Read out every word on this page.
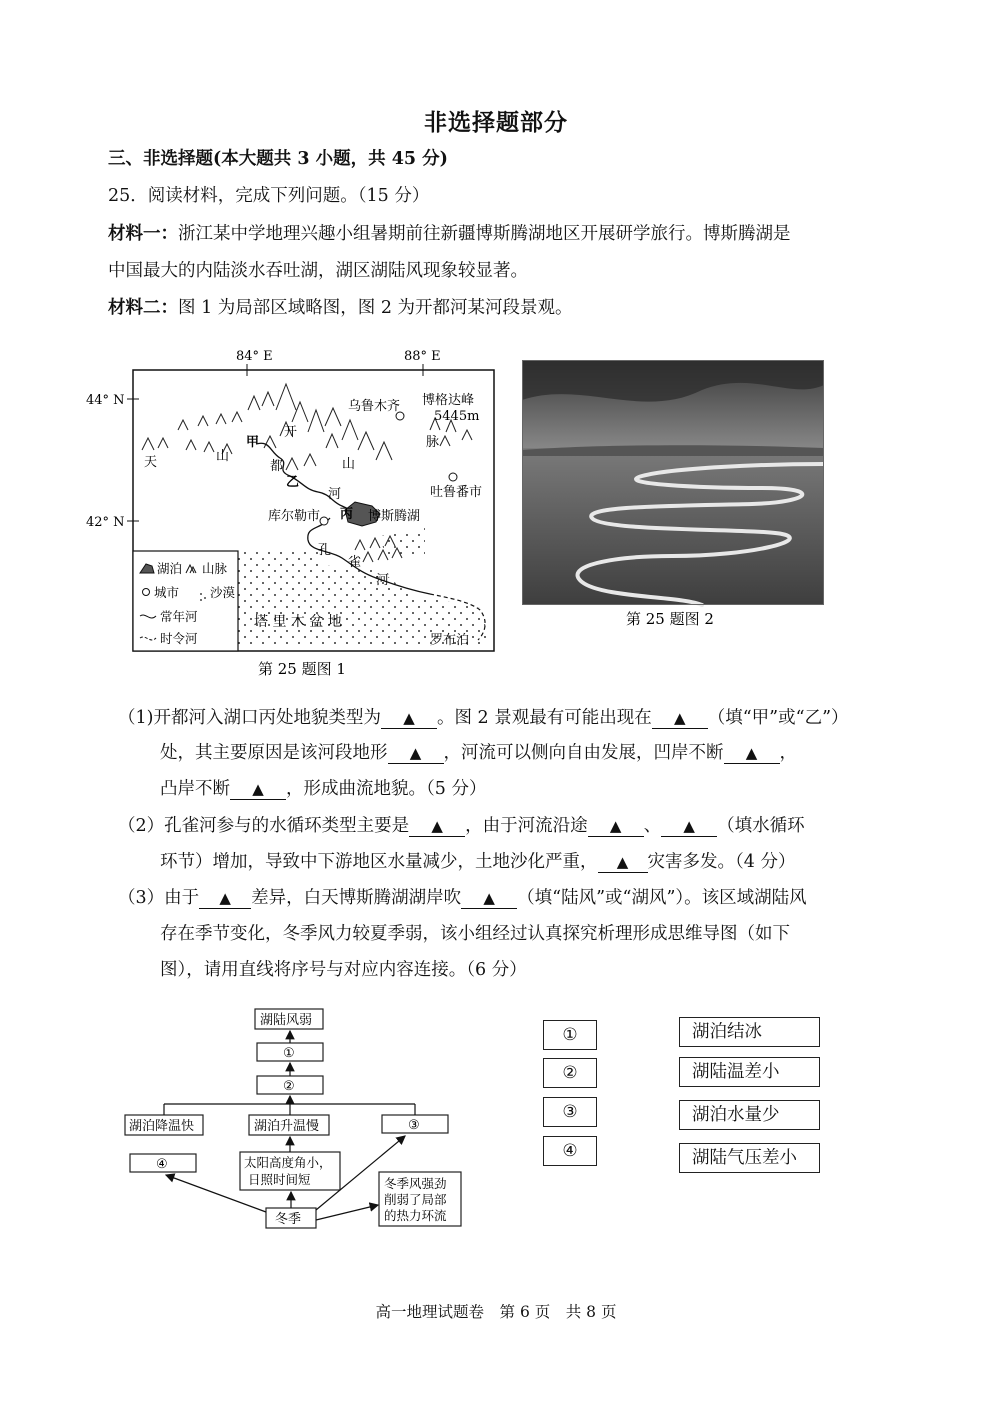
非选择题部分
三、非选择题(本大题共 3 小题，共 45 分)
25．阅读材料，完成下列问题。（15 分）
材料一：浙江某中学地理兴趣小组暑期前往新疆博斯腾湖地区开展研学旅行。博斯腾湖是
中国最大的内陆淡水吞吐湖，湖区湖陆风现象较显著。
材料二：图 1 为局部区域略图，图 2 为开都河某河段景观。
84° E	88° E
44° N
42° N
乌鲁木齐 博格达峰
5445m
脉
天	山
甲
开
都
乙
河
山
吐鲁番市
库尔勒市 丙 博斯腾湖
孔
雀
河
塔 里 木 盆 地
罗布泊
湖泊 山脉
城市 沙漠
常年河
时令河
第 25 题图 1
第 25 题图 2
（1)开都河入湖口丙处地貌类型为 ▲ 。图 2 景观最有可能出现在 ▲ （填“甲”或“乙”）
处，其主要原因是该河段地形 ▲ ，河流可以侧向自由发展，凹岸不断 ▲ ，
凸岸不断 ▲ ，形成曲流地貌。（5 分）
（2）孔雀河参与的水循环类型主要是 ▲ ，由于河流沿途 ▲ 、 ▲ （填水循环
环节）增加，导致中下游地区水量减少，土地沙化严重， ▲ 灾害多发。（4 分）
（3）由于 ▲ 差异，白天博斯腾湖湖岸吹 ▲ （填“陆风”或“湖风”）。该区域湖陆风
存在季节变化，冬季风力较夏季弱，该小组经过认真探究析理形成思维导图（如下
图），请用直线将序号与对应内容连接。（6 分）
湖陆风弱
①
②
湖泊降温快	湖泊升温慢	③
④	太阳高度角小，
日照时间短
冬季
冬季风强劲
削弱了局部
的热力环流
①
②
③
④
湖泊结冰
湖陆温差小
湖泊水量少
湖陆气压差小
高一地理试题卷　第 6 页　共 8 页
